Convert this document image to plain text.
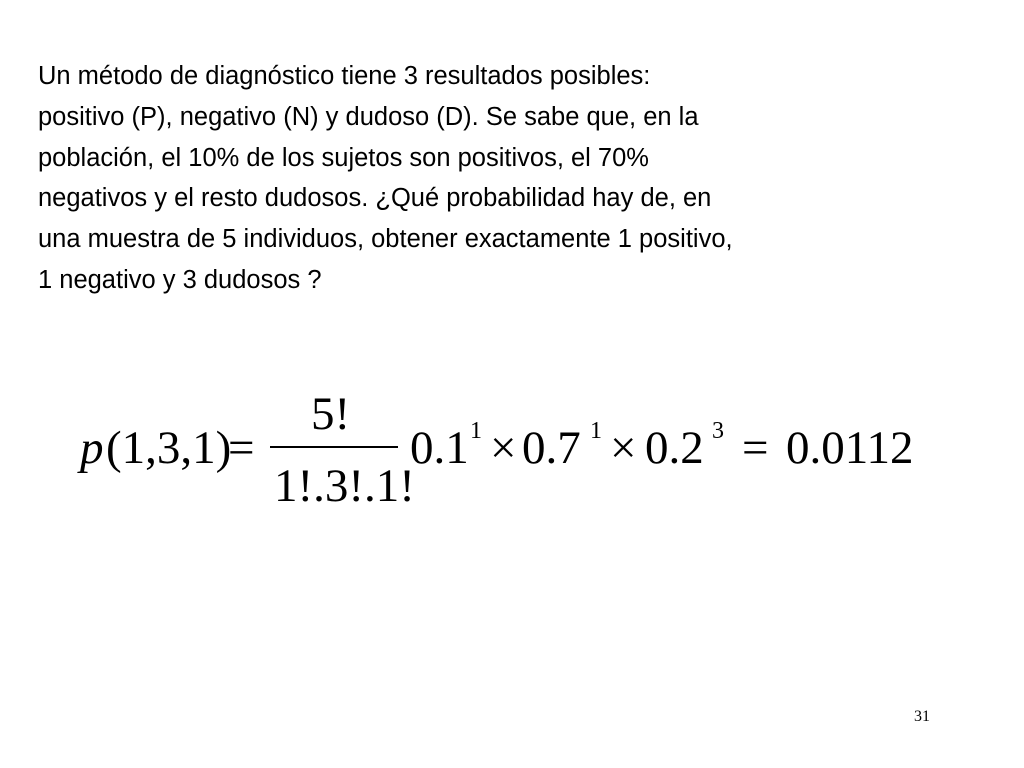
Un método de diagnóstico tiene 3 resultados posibles:
positivo (P), negativo (N) y dudoso (D). Se sabe que, en la
población, el 10% de los sujetos son positivos, el 70%
negativos y el resto dudosos. ¿Qué probabilidad hay de, en
una muestra de 5 individuos, obtener exactamente 1 positivo,
1 negativo y 3 dudosos ?
p (1,3,1)
=
5!
1!.3!.1!
0.1 1 × 0.7 1 × 0.2 3 = 0.0112
31
